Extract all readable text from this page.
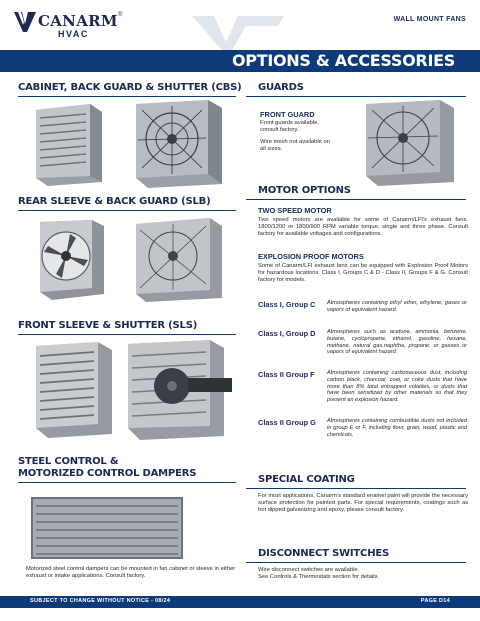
CANARM ®
HVAC
WALL MOUNT FANS
OPTIONS & ACCESSORIES
CABINET, BACK GUARD & SHUTTER (CBS)
REAR SLEEVE & BACK GUARD (SLB)
FRONT SLEEVE & SHUTTER (SLS)
STEEL CONTROL &
MOTORIZED CONTROL DAMPERS
Motorized steel control dampers can be mounted in fan cabinet or sleeve in either exhaust or intake applications. Consult factory.
GUARDS
FRONT GUARD
Front guards available,
consult factory.
Wire mesh not available on
all sizes.
MOTOR OPTIONS
TWO SPEED MOTOR
Two speed motors are available for some of Canarm/LFI's exhaust fans. 1800/1200 or 1800/900 RPM variable torque, single and three phase. Consult factory for available voltages and configurations.
EXPLOSION PROOF MOTORS
Some of Canarm/LFI exhaust fans can be equipped with Explosion Proof Motors for hazardous locations. Class I, Groups C & D - Class II, Groups F & G. Consult factory for models.
Class I, Group C Atmospheres containing ethyl ether, ethylene, gases or vapors of equivalent hazard.
Class I, Group D Atmospheres such as acetone, ammonia, benzene, butane, cyclopropane, ethanol, gasoline, hexane, methane, natural gas,naphtha, propane, or gasses or vapors of equivalent hazard.
Class II Group F Atmospheres containing carbonaceous dust, including carbon black, charcoal, coal, or coke dusts that have more than 8% total entrapped volatiles, or dusts that have been sensitized by other materials so that they present an explosion hazard.
Class II Group G Atmospheres containing combustible dusts not included in group E or F, including flour, grain, wood, plastic and chemicals.
SPECIAL COATING
For most applications, Canarm's standard enamel paint will provide the necessary surface protection for painted parts. For special requirements, coatings such as hot dipped galvanizing and epoxy, please consult factory.
DISCONNECT SWITCHES
Wire disconnect switches are available.
See Controls & Thermostats section for details.
SUBJECT TO CHANGE WITHOUT NOTICE - 08/24	PAGE D14
